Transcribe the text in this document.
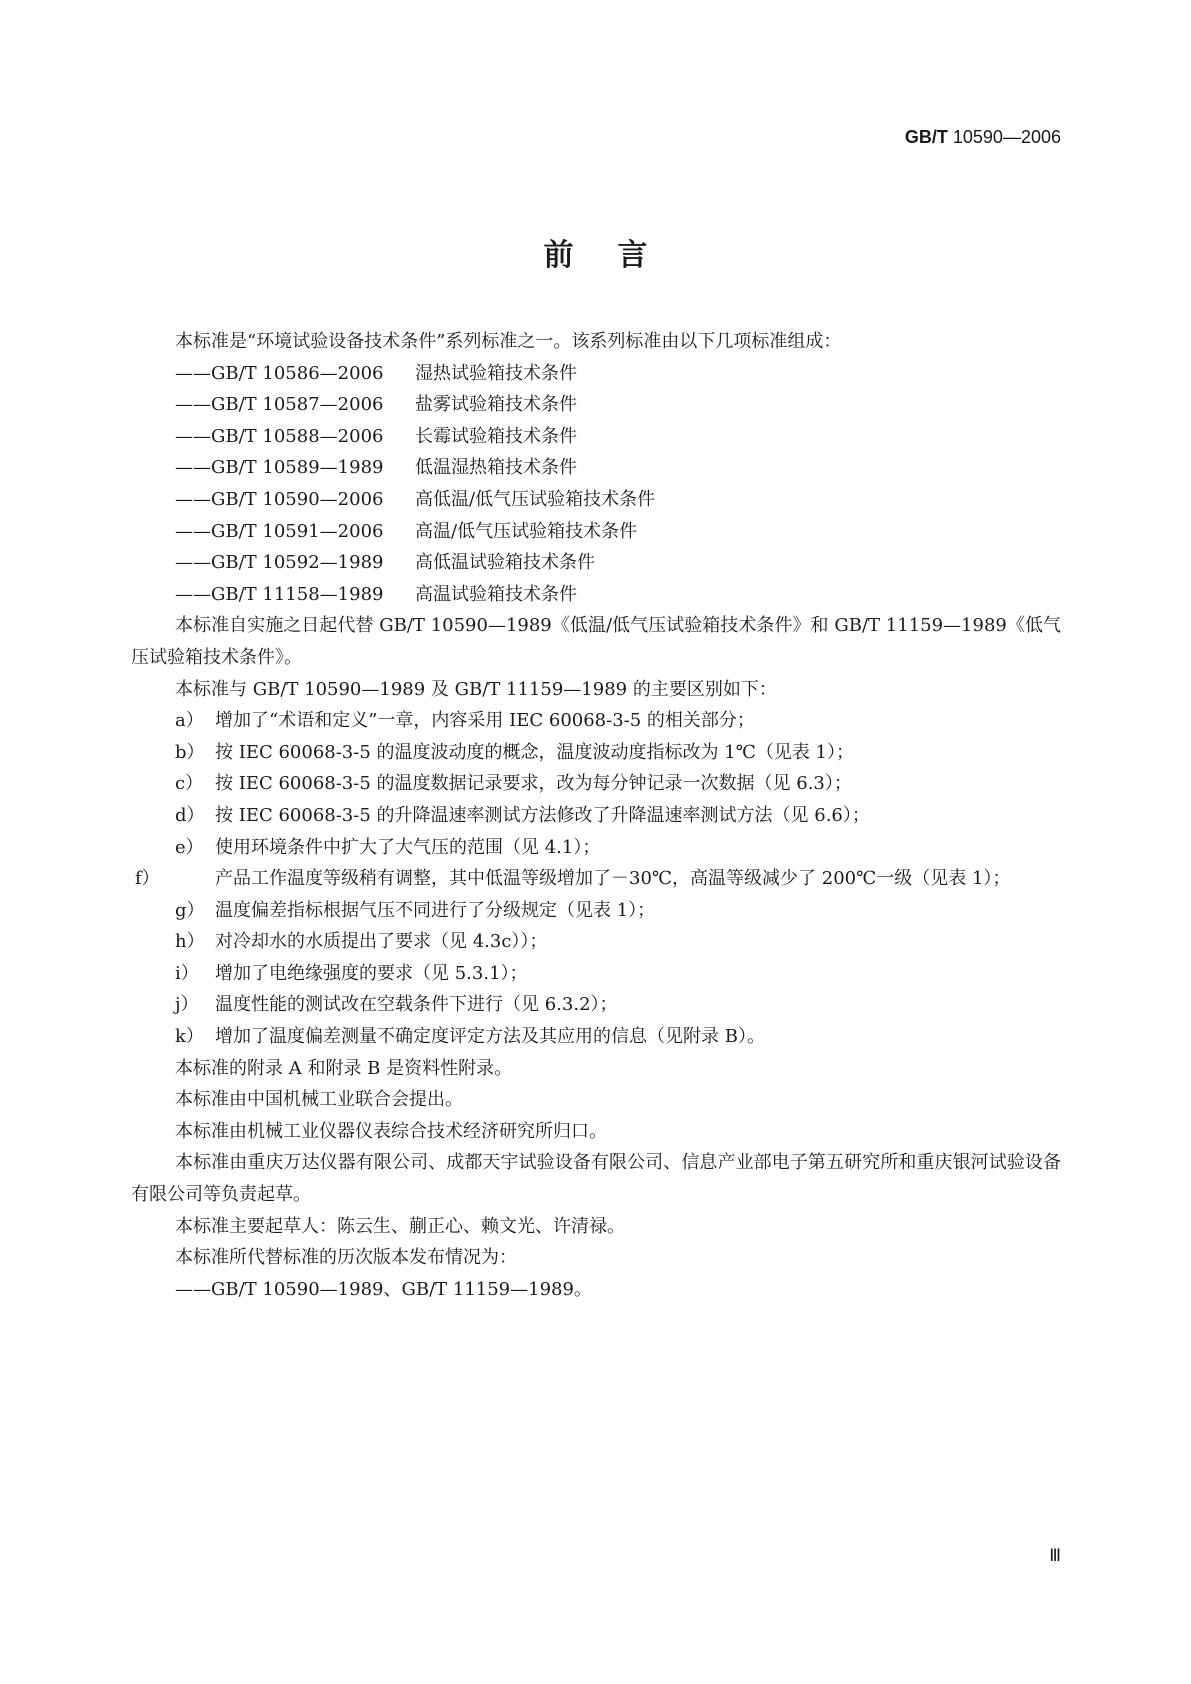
GB/T 10590—2006
前言
本标准是“环境试验设备技术条件”系列标准之一。该系列标准由以下几项标准组成：
——GB/T 10586—2006 湿热试验箱技术条件
——GB/T 10587—2006 盐雾试验箱技术条件
——GB/T 10588—2006 长霉试验箱技术条件
——GB/T 10589—1989 低温湿热箱技术条件
——GB/T 10590—2006 高低温/低气压试验箱技术条件
——GB/T 10591—2006 高温/低气压试验箱技术条件
——GB/T 10592—1989 高低温试验箱技术条件
——GB/T 11158—1989 高温试验箱技术条件
本标准自实施之日起代替 GB/T 10590—1989《低温/低气压试验箱技术条件》和 GB/T 11159—1989《低气压试验箱技术条件》。
本标准与 GB/T 10590—1989 及 GB/T 11159—1989 的主要区别如下：
a） 增加了“术语和定义”一章，内容采用 IEC 60068-3-5 的相关部分；
b） 按 IEC 60068-3-5 的温度波动度的概念，温度波动度指标改为 1℃（见表 1）；
c） 按 IEC 60068-3-5 的温度数据记录要求，改为每分钟记录一次数据（见 6.3）；
d） 按 IEC 60068-3-5 的升降温速率测试方法修改了升降温速率测试方法（见 6.6）；
e） 使用环境条件中扩大了大气压的范围（见 4.1）；
f）	产品工作温度等级稍有调整，其中低温等级增加了－30℃，高温等级减少了 200℃一级（见表 1）；
g） 温度偏差指标根据气压不同进行了分级规定（见表 1）；
h） 对冷却水的水质提出了要求（见 4.3c））；
i） 增加了电绝缘强度的要求（见 5.3.1）；
j） 温度性能的测试改在空载条件下进行（见 6.3.2）；
k） 增加了温度偏差测量不确定度评定方法及其应用的信息（见附录 B）。
本标准的附录 A 和附录 B 是资料性附录。
本标准由中国机械工业联合会提出。
本标准由机械工业仪器仪表综合技术经济研究所归口。
本标准由重庆万达仪器有限公司、成都天宇试验设备有限公司、信息产业部电子第五研究所和重庆银河试验设备有限公司等负责起草。
本标准主要起草人：陈云生、蒯正心、赖文光、许清禄。
本标准所代替标准的历次版本发布情况为：
——GB/T 10590—1989、GB/T 11159—1989。
Ⅲ
